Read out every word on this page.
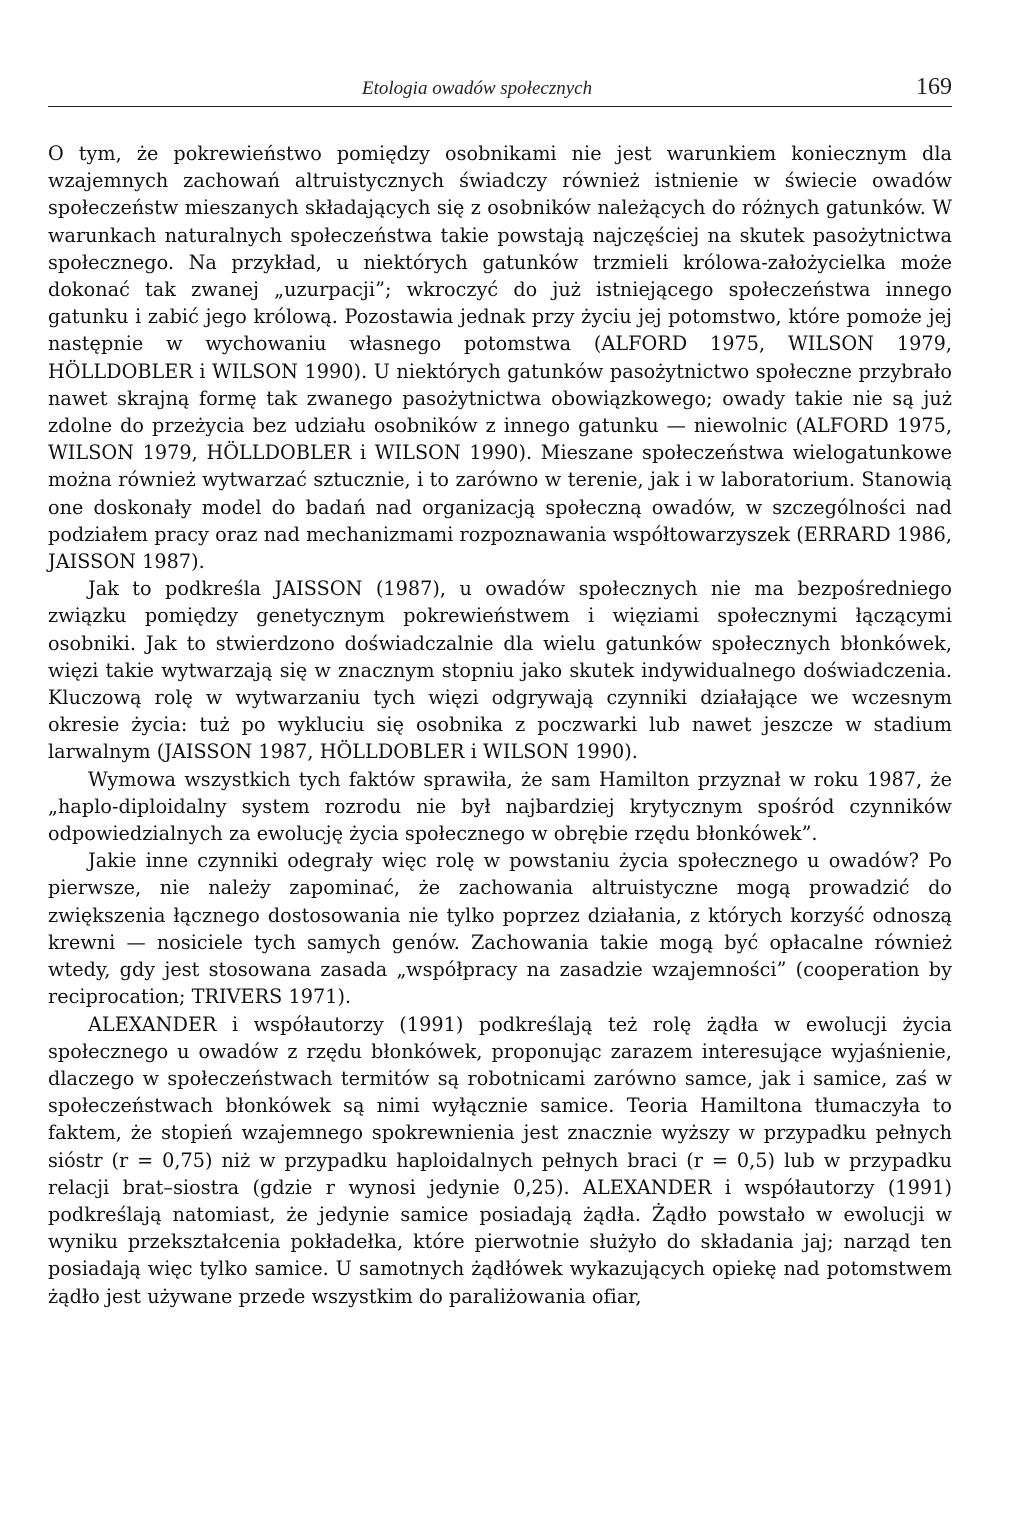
Etologia owadów społecznych	169

O tym, że pokrewieństwo pomiędzy osobnikami nie jest warunkiem koniecznym dla wzajemnych zachowań altruistycznych świadczy również istnienie w świecie owadów społeczeństw mieszanych składających się z osobników należących do różnych gatunków. W warunkach naturalnych społeczeństwa takie powstają najczęściej na skutek pasożytnictwa społecznego. Na przykład, u niektórych gatunków trzmieli królowa-założycielka może dokonać tak zwanej „uzurpacji”; wkroczyć do już istniejącego społeczeństwa innego gatunku i zabić jego królową. Pozostawia jednak przy życiu jej potomstwo, które pomoże jej następnie w wychowaniu własnego potomstwa (ALFORD 1975, WILSON 1979, HÖLLDOBLER i WILSON 1990). U niektórych gatunków pasożytnictwo społeczne przybrało nawet skrajną formę tak zwanego pasożytnictwa obowiązkowego; owady takie nie są już zdolne do przeżycia bez udziału osobników z innego gatunku — niewolnic (ALFORD 1975, WILSON 1979, HÖLLDOBLER i WILSON 1990). Mieszane społeczeństwa wielogatunkowe można również wytwarzać sztucznie, i to zarówno w terenie, jak i w laboratorium. Stanowią one doskonały model do badań nad organizacją społeczną owadów, w szczególności nad podziałem pracy oraz nad mechanizmami rozpoznawania współtowarzyszek (ERRARD 1986, JAISSON 1987).

Jak to podkreśla JAISSON (1987), u owadów społecznych nie ma bezpośredniego związku pomiędzy genetycznym pokrewieństwem i więziami społecznymi łączącymi osobniki. Jak to stwierdzono doświadczalnie dla wielu gatunków społecznych błonkówek, więzi takie wytwarzają się w znacznym stopniu jako skutek indywidualnego doświadczenia. Kluczową rolę w wytwarzaniu tych więzi odgrywają czynniki działające we wczesnym okresie życia: tuż po wykluciu się osobnika z poczwarki lub nawet jeszcze w stadium larwalnym (JAISSON 1987, HÖLLDOBLER i WILSON 1990).

Wymowa wszystkich tych faktów sprawiła, że sam Hamilton przyznał w roku 1987, że „haplo-diploidalny system rozrodu nie był najbardziej krytycznym spośród czynników odpowiedzialnych za ewolucję życia społecznego w obrębie rzędu błonkówek”.

Jakie inne czynniki odegrały więc rolę w powstaniu życia społecznego u owadów? Po pierwsze, nie należy zapominać, że zachowania altruistyczne mogą prowadzić do zwiększenia łącznego dostosowania nie tylko poprzez działania, z których korzyść odnoszą krewni — nosiciele tych samych genów. Zachowania takie mogą być opłacalne również wtedy, gdy jest stosowana zasada „współpracy na zasadzie wzajemności” (cooperation by reciprocation; TRIVERS 1971).

ALEXANDER i współautorzy (1991) podkreślają też rolę żądła w ewolucji życia społecznego u owadów z rzędu błonkówek, proponując zarazem interesujące wyjaśnienie, dlaczego w społeczeństwach termitów są robotnicami zarówno samce, jak i samice, zaś w społeczeństwach błonkówek są nimi wyłącznie samice. Teoria Hamiltona tłumaczyła to faktem, że stopień wzajemnego spokrewnienia jest znacznie wyższy w przypadku pełnych sióstr (r = 0,75) niż w przypadku haploidalnych pełnych braci (r = 0,5) lub w przypadku relacji brat–siostra (gdzie r wynosi jedynie 0,25). ALEXANDER i współautorzy (1991) podkreślają natomiast, że jedynie samice posiadają żądła. Żądło powstało w ewolucji w wyniku przekształcenia pokładełka, które pierwotnie służyło do składania jaj; narząd ten posiadają więc tylko samice. U samotnych żądłówek wykazujących opiekę nad potomstwem żądło jest używane przede wszystkim do paraliżowania ofiar,
